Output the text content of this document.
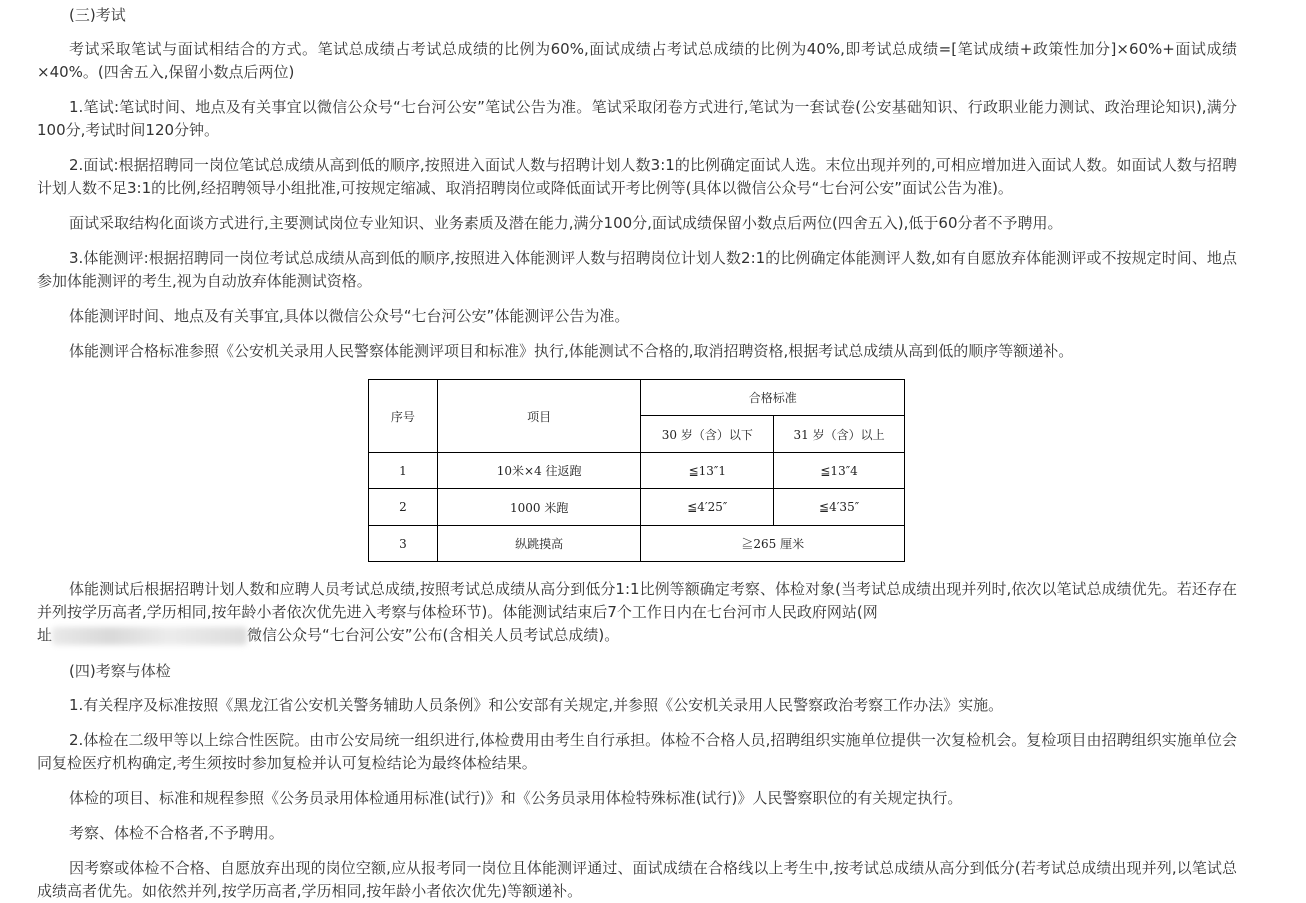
(三)考试

考试采取笔试与面试相结合的方式。笔试总成绩占考试总成绩的比例为60%,面试成绩占考试总成绩的比例为40%,即考试总成绩=[笔试成绩+政策性加分]×60%+面试成绩×40%。(四舍五入,保留小数点后两位)

1.笔试:笔试时间、地点及有关事宜以微信公众号“七台河公安”笔试公告为准。笔试采取闭卷方式进行,笔试为一套试卷(公安基础知识、行政职业能力测试、政治理论知识),满分100分,考试时间120分钟。

2.面试:根据招聘同一岗位笔试总成绩从高到低的顺序,按照进入面试人数与招聘计划人数3:1的比例确定面试人选。末位出现并列的,可相应增加进入面试人数。如面试人数与招聘计划人数不足3:1的比例,经招聘领导小组批准,可按规定缩减、取消招聘岗位或降低面试开考比例等(具体以微信公众号“七台河公安”面试公告为准)。

面试采取结构化面谈方式进行,主要测试岗位专业知识、业务素质及潜在能力,满分100分,面试成绩保留小数点后两位(四舍五入),低于60分者不予聘用。

3.体能测评:根据招聘同一岗位考试总成绩从高到低的顺序,按照进入体能测评人数与招聘岗位计划人数2:1的比例确定体能测评人数,如有自愿放弃体能测评或不按规定时间、地点参加体能测评的考生,视为自动放弃体能测试资格。

体能测评时间、地点及有关事宜,具体以微信公众号“七台河公安”体能测评公告为准。

体能测评合格标准参照《公安机关录用人民警察体能测评项目和标准》执行,体能测试不合格的,取消招聘资格,根据考试总成绩从高到低的顺序等额递补。

序号	项目	合格标准	
		30 岁（含）以下	31 岁（含）以上
1	10米×4 往返跑	≦13″1	≦13″4
2	1000 米跑	≦4′25″	≦4′35″
3	纵跳摸高	≧265 厘米	

体能测试后根据招聘计划人数和应聘人员考试总成绩,按照考试总成绩从高分到低分1:1比例等额确定考察、体检对象(当考试总成绩出现并列时,依次以笔试总成绩优先。若还存在并列按学历高者,学历相同,按年龄小者依次优先进入考察与体检环节)。体能测试结束后7个工作日内在七台河市人民政府网站(网
址	微信公众号“七台河公安”公布(含相关人员考试总成绩)。

(四)考察与体检

1.有关程序及标准按照《黑龙江省公安机关警务辅助人员条例》和公安部有关规定,并参照《公安机关录用人民警察政治考察工作办法》实施。

2.体检在二级甲等以上综合性医院。由市公安局统一组织进行,体检费用由考生自行承担。体检不合格人员,招聘组织实施单位提供一次复检机会。复检项目由招聘组织实施单位会同复检医疗机构确定,考生须按时参加复检并认可复检结论为最终体检结果。

体检的项目、标准和规程参照《公务员录用体检通用标准(试行)》和《公务员录用体检特殊标准(试行)》人民警察职位的有关规定执行。

考察、体检不合格者,不予聘用。

因考察或体检不合格、自愿放弃出现的岗位空额,应从报考同一岗位且体能测评通过、面试成绩在合格线以上考生中,按考试总成绩从高分到低分(若考试总成绩出现并列,以笔试总成绩高者优先。如依然并列,按学历高者,学历相同,按年龄小者依次优先)等额递补。
